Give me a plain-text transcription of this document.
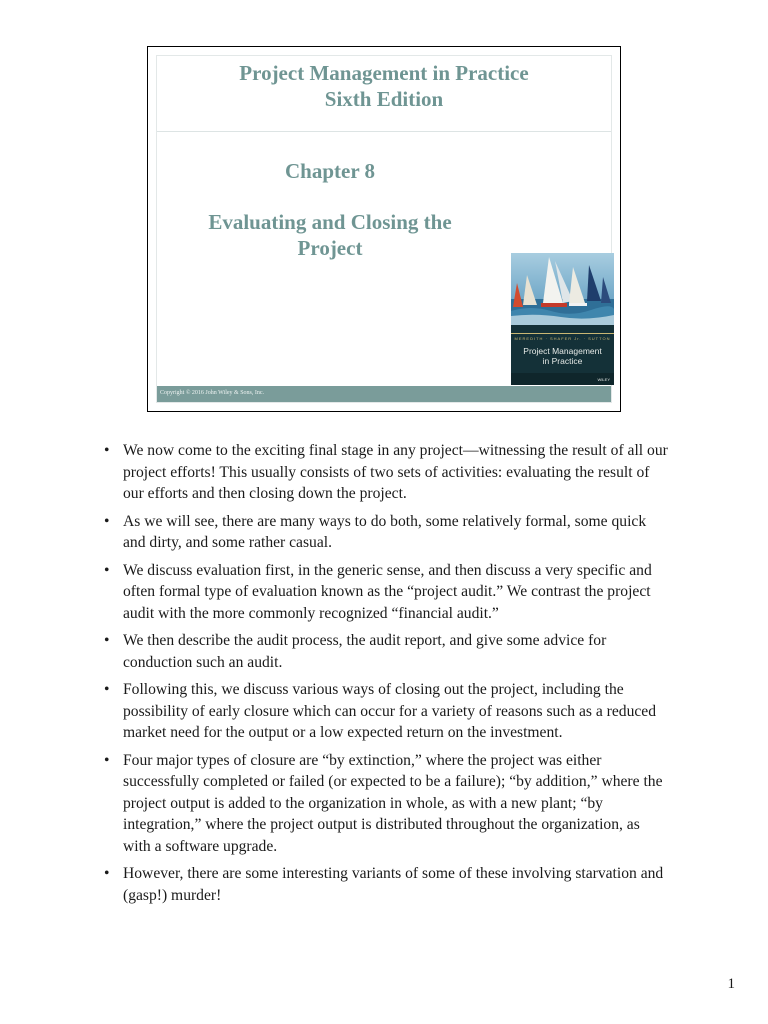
Project Management in Practice
Sixth Edition
Chapter 8
Evaluating and Closing the
Project
MEREDITH · SHAFER Jr. · SUTTON
Project Management
in Practice
WILEY
Copyright © 2016 John Wiley & Sons, Inc.
• We now come to the exciting final stage in any project—witnessing the result of all our project efforts! This usually consists of two sets of activities: evaluating the result of our efforts and then closing down the project.
• As we will see, there are many ways to do both, some relatively formal, some quick and dirty, and some rather casual.
• We discuss evaluation first, in the generic sense, and then discuss a very specific and often formal type of evaluation known as the “project audit.” We contrast the project audit with the more commonly recognized “financial audit.”
• We then describe the audit process, the audit report, and give some advice for conduction such an audit.
• Following this, we discuss various ways of closing out the project, including the possibility of early closure which can occur for a variety of reasons such as a reduced market need for the output or a low expected return on the investment.
• Four major types of closure are “by extinction,” where the project was either successfully completed or failed (or expected to be a failure); “by addition,” where the project output is added to the organization in whole, as with a new plant; “by integration,” where the project output is distributed throughout the organization, as with a software upgrade.
• However, there are some interesting variants of some of these involving starvation and (gasp!) murder!
1
